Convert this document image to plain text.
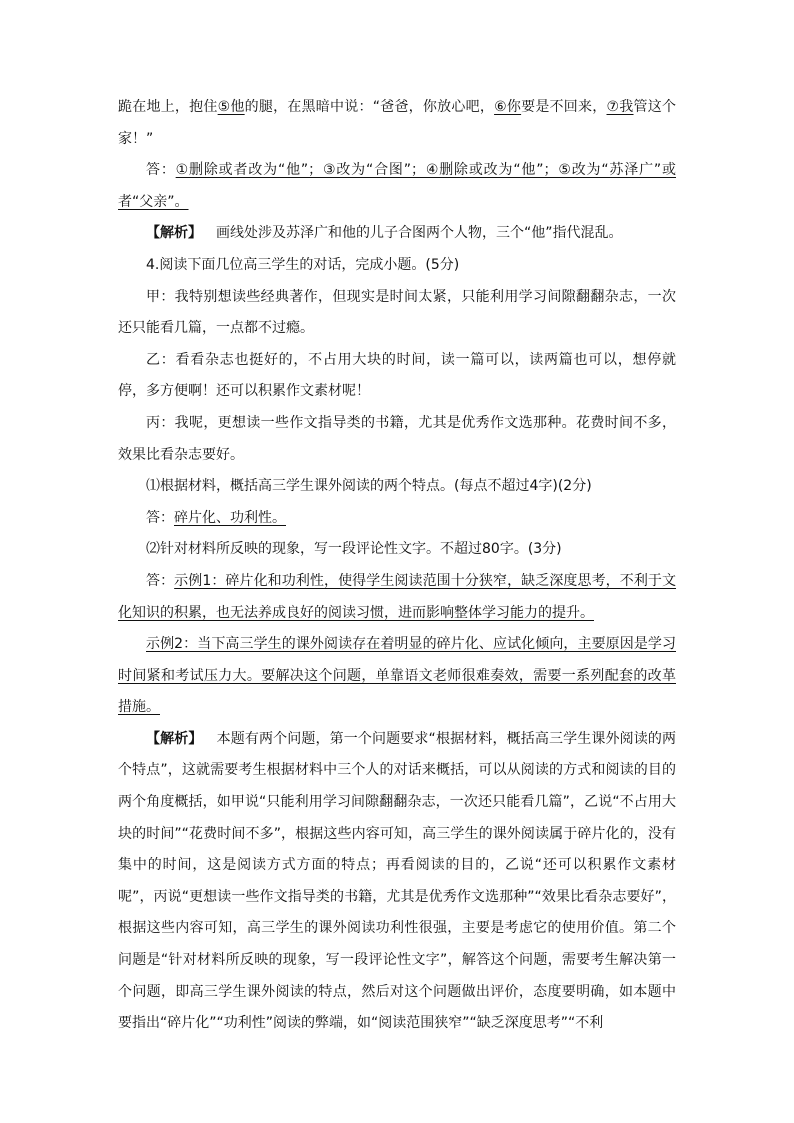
跪在地上，抱住⑤他的腿，在黑暗中说：“爸爸，你放心吧，⑥你要是不回来，⑦我管这个家！”

答：①删除或者改为“他”；③改为“合图”；④删除或改为“他”；⑤改为“苏泽广”或者“父亲”。

【解析】 画线处涉及苏泽广和他的儿子合图两个人物，三个“他”指代混乱。

4.阅读下面几位高三学生的对话，完成小题。(5分)

甲：我特别想读些经典著作，但现实是时间太紧，只能利用学习间隙翻翻杂志，一次还只能看几篇，一点都不过瘾。

乙：看看杂志也挺好的，不占用大块的时间，读一篇可以，读两篇也可以，想停就停，多方便啊！还可以积累作文素材呢！

丙：我呢，更想读一些作文指导类的书籍，尤其是优秀作文选那种。花费时间不多，效果比看杂志要好。

⑴根据材料，概括高三学生课外阅读的两个特点。(每点不超过4字)(2分)

答：碎片化、功利性。

⑵针对材料所反映的现象，写一段评论性文字。不超过80字。(3分)

答：示例1：碎片化和功利性，使得学生阅读范围十分狭窄，缺乏深度思考，不利于文化知识的积累，也无法养成良好的阅读习惯，进而影响整体学习能力的提升。

示例2：当下高三学生的课外阅读存在着明显的碎片化、应试化倾向，主要原因是学习时间紧和考试压力大。要解决这个问题，单靠语文老师很难奏效，需要一系列配套的改革措施。

【解析】 本题有两个问题，第一个问题要求“根据材料，概括高三学生课外阅读的两个特点”，这就需要考生根据材料中三个人的对话来概括，可以从阅读的方式和阅读的目的两个角度概括，如甲说“只能利用学习间隙翻翻杂志，一次还只能看几篇”，乙说“不占用大块的时间”“花费时间不多”，根据这些内容可知，高三学生的课外阅读属于碎片化的，没有集中的时间，这是阅读方式方面的特点；再看阅读的目的，乙说“还可以积累作文素材呢”，丙说“更想读一些作文指导类的书籍，尤其是优秀作文选那种”“效果比看杂志要好”，根据这些内容可知，高三学生的课外阅读功利性很强，主要是考虑它的使用价值。第二个问题是“针对材料所反映的现象，写一段评论性文字”，解答这个问题，需要考生解决第一个问题，即高三学生课外阅读的特点，然后对这个问题做出评价，态度要明确，如本题中要指出“碎片化”“功利性”阅读的弊端，如“阅读范围狭窄”“缺乏深度思考”“不利
